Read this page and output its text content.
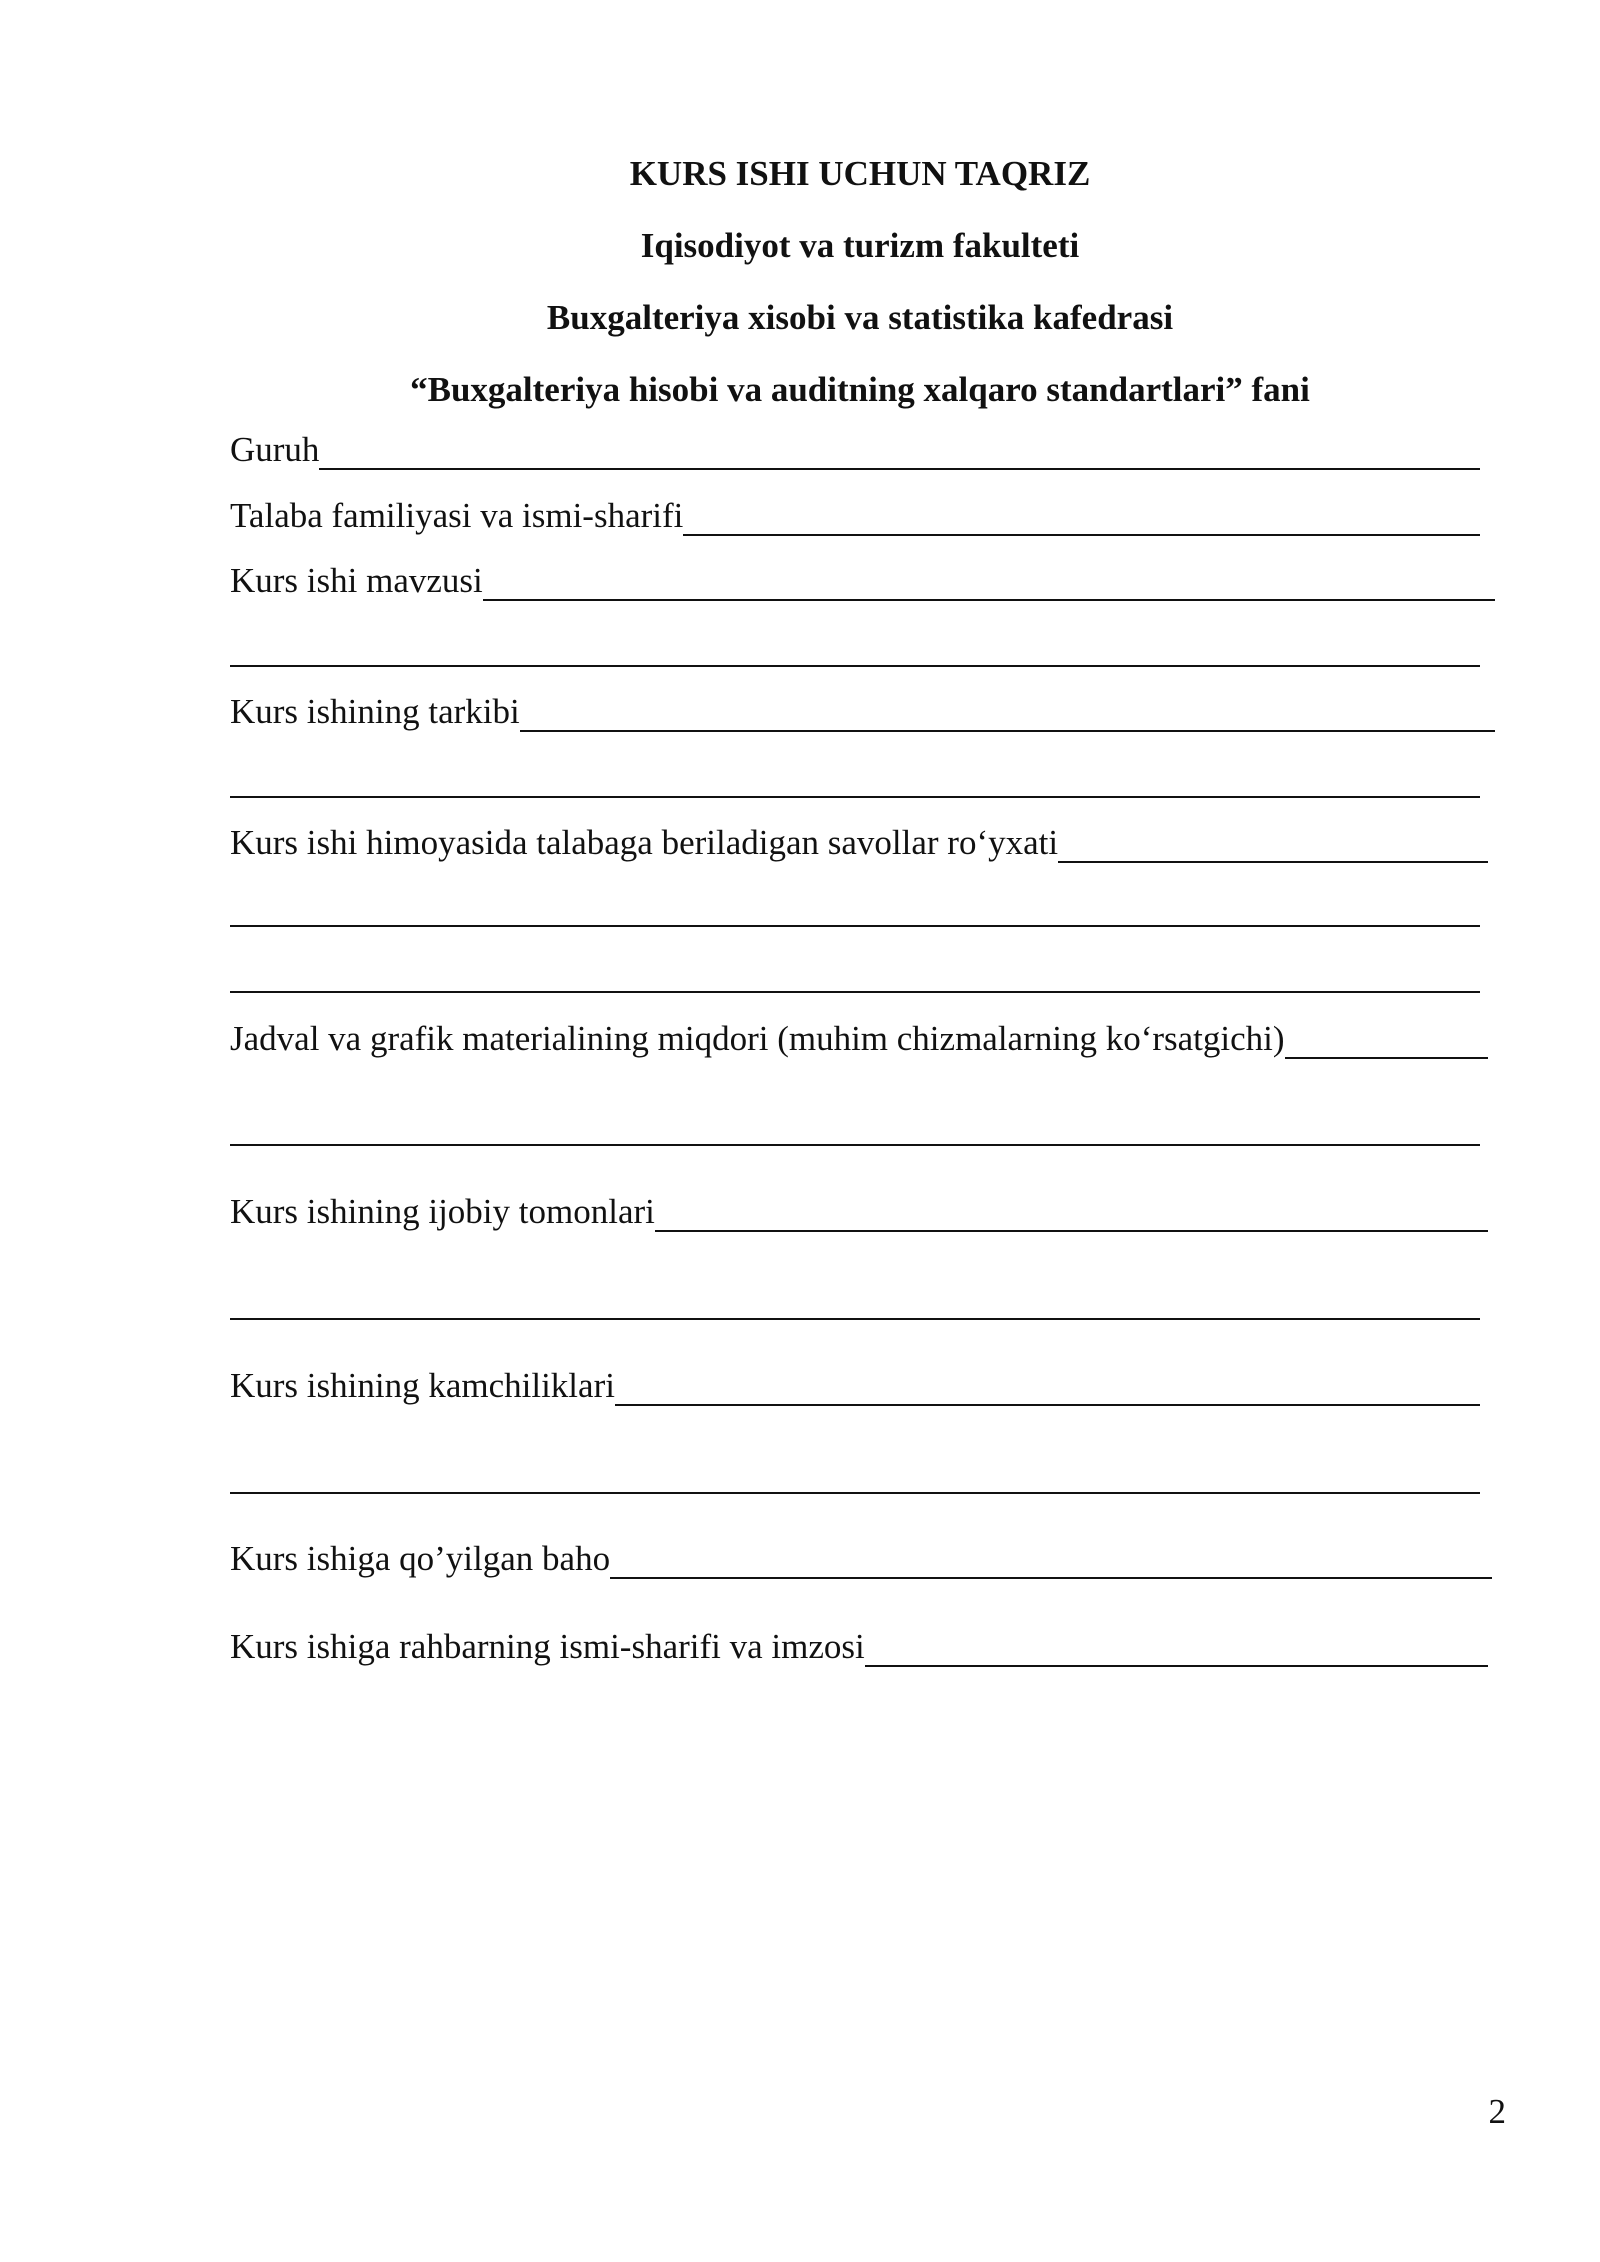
KURS ISHI UCHUN TAQRIZ
Iqisodiyot va turizm fakulteti
Buxgalteriya xisobi va statistika kafedrasi
“Buxgalteriya hisobi va auditning xalqaro standartlari” fani
Guruh
Talaba familiyasi va ismi-sharifi
Kurs ishi mavzusi
Kurs ishining tarkibi
Kurs ishi himoyasida talabaga beriladigan savollar ro‘yxati
Jadval va grafik materialining miqdori (muhim chizmalarning ko‘rsatgichi)
Kurs ishining ijobiy tomonlari
Kurs ishining kamchiliklari
Kurs ishiga qo’yilgan baho
Kurs ishiga rahbarning ismi-sharifi va imzosi
2
